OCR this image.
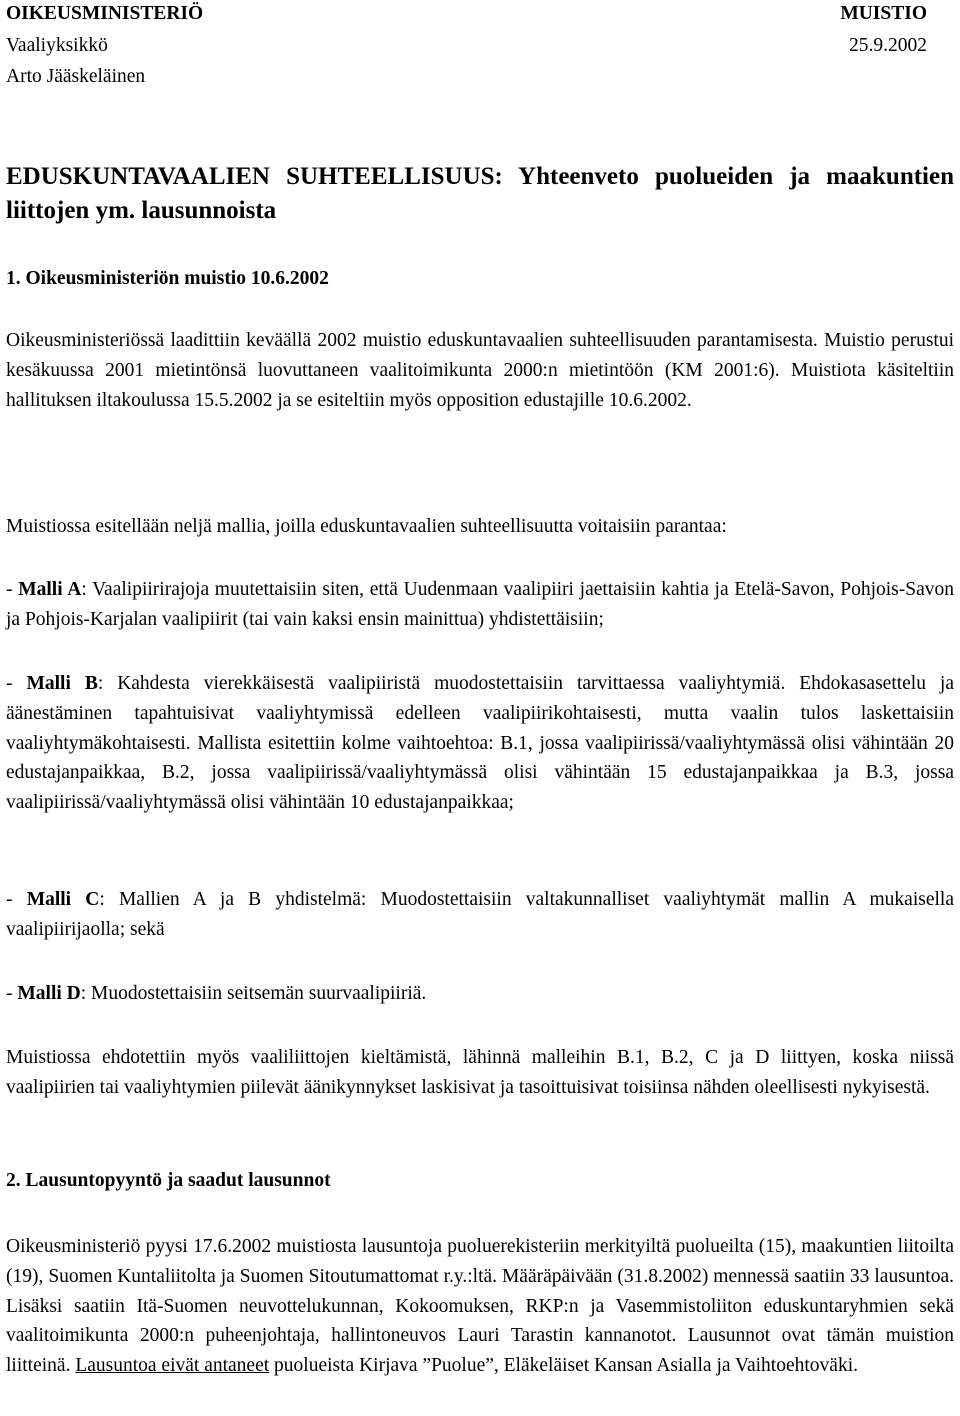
OIKEUSMINISTERIÖ	MUISTIO
Vaaliyksikkö	25.9.2002
Arto Jääskeläinen
EDUSKUNTAVAALIEN SUHTEELLISUUS: Yhteenveto puolueiden ja maakuntien liittojen ym. lausunnoista
1. Oikeusministeriön muistio 10.6.2002
Oikeusministeriössä laadittiin keväällä 2002 muistio eduskuntavaalien suhteellisuuden parantamisesta. Muistio perustui kesäkuussa 2001 mietintönsä luovuttaneen vaalitoimikunta 2000:n mietintöön (KM 2001:6). Muistiota käsiteltiin hallituksen iltakoulussa 15.5.2002 ja se esiteltiin myös opposition edustajille 10.6.2002.
Muistiossa esitellään neljä mallia, joilla eduskuntavaalien suhteellisuutta voitaisiin parantaa:
- Malli A: Vaalipiirirajoja muutettaisiin siten, että Uudenmaan vaalipiiri jaettaisiin kahtia ja Etelä-Savon, Pohjois-Savon ja Pohjois-Karjalan vaalipiirit (tai vain kaksi ensin mainittua) yhdistettäisiin;
- Malli B: Kahdesta vierekkäisestä vaalipiiristä muodostettaisiin tarvittaessa vaaliyhtymiä. Ehdokasasettelu ja äänestäminen tapahtuisivat vaaliyhtymissä edelleen vaalipiirikohtaisesti, mutta vaalin tulos laskettaisiin vaaliyhtymäkohtaisesti. Mallista esitettiin kolme vaihtoehtoa: B.1, jossa vaalipiirissä/vaaliyhtymässä olisi vähintään 20 edustajanpaikkaa, B.2, jossa vaalipiirissä/vaaliyhtymässä olisi vähintään 15 edustajanpaikkaa ja B.3, jossa vaalipiirissä/vaaliyhtymässä olisi vähintään 10 edustajanpaikkaa;
- Malli C: Mallien A ja B yhdistelmä: Muodostettaisiin valtakunnalliset vaaliyhtymät mallin A mukaisella vaalipiirijaolla; sekä
- Malli D: Muodostettaisiin seitsemän suurvaalipiiriä.
Muistiossa ehdotettiin myös vaaliliittojen kieltämistä, lähinnä malleihin B.1, B.2, C ja D liittyen, koska niissä vaalipiirien tai vaaliyhtymien piilevät äänikynnykset laskisivat ja tasoittuisivat toisiinsa nähden oleellisesti nykyisestä.
2. Lausuntopyyntö ja saadut lausunnot
Oikeusministeriö pyysi 17.6.2002 muistiosta lausuntoja puoluerekisteriin merkityiltä puolueilta (15), maakuntien liitoilta (19), Suomen Kuntaliitolta ja Suomen Sitoutumattomat r.y.:ltä. Määräpäivään (31.8.2002) mennessä saatiin 33 lausuntoa. Lisäksi saatiin Itä-Suomen neuvottelukunnan, Kokoomuksen, RKP:n ja Vasemmistoliiton eduskuntaryhmien sekä vaalitoimikunta 2000:n puheenjohtaja, hallintoneuvos Lauri Tarastin kannanotot. Lausunnot ovat tämän muistion liitteinä. Lausuntoa eivät antaneet puolueista Kirjava ”Puolue”, Eläkeläiset Kansan Asialla ja Vaihtoehtoväki.
